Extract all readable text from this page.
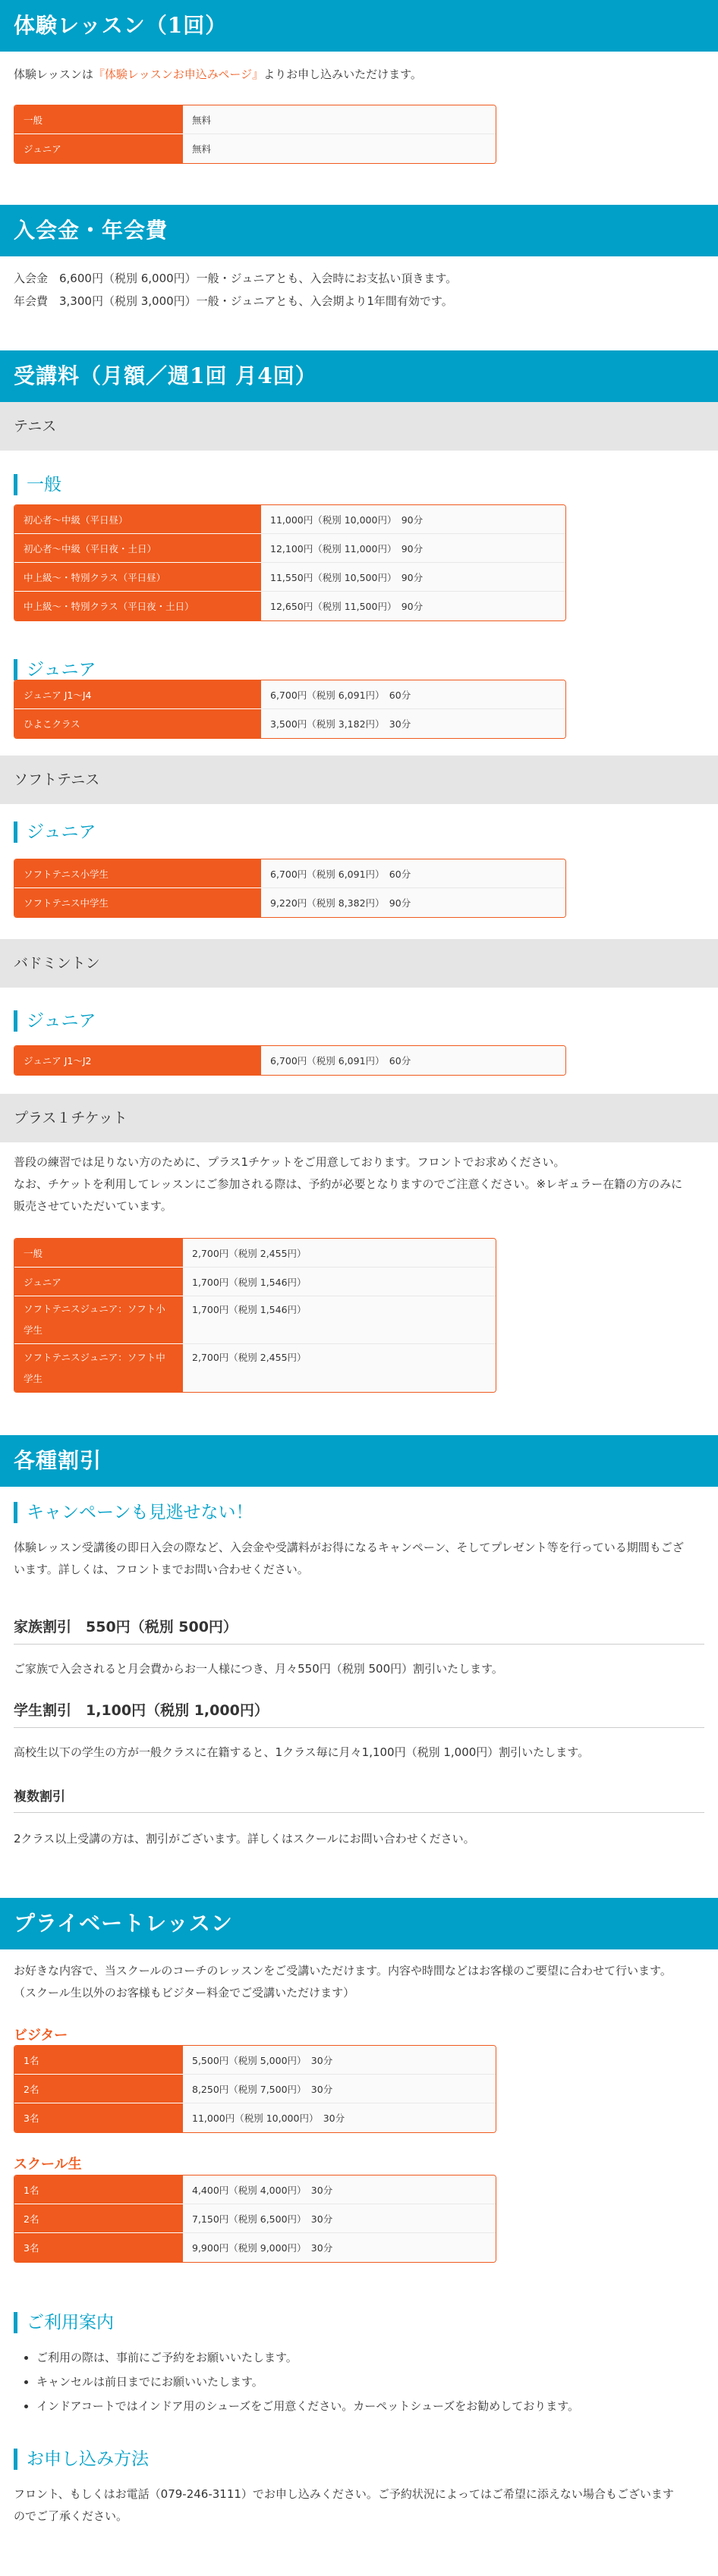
体験レッスン（1回）
体験レッスンは『体験レッスンお申込みページ』よりお申し込みいただけます。
一般	無料
ジュニア	無料
入会金・年会費
入会金　6,600円（税別 6,000円）一般・ジュニアとも、入会時にお支払い頂きます。
年会費　3,300円（税別 3,000円）一般・ジュニアとも、入会期より1年間有効です。
受講料（月額／週1回 月4回）
テニス
一般
初心者～中級（平日昼）	11,000円（税別 10,000円）　90分
初心者～中級（平日夜・土日）	12,100円（税別 11,000円）　90分
中上級～・特別クラス（平日昼）	11,550円（税別 10,500円）　90分
中上級～・特別クラス（平日夜・土日）	12,650円（税別 11,500円）　90分
ジュニア
ジュニア J1～J4	6,700円（税別 6,091円）　60分
ひよこクラス	3,500円（税別 3,182円）　30分
ソフトテニス
ジュニア
ソフトテニス小学生	6,700円（税別 6,091円）　60分
ソフトテニス中学生	9,220円（税別 8,382円）　90分
バドミントン
ジュニア
ジュニア J1～J2	6,700円（税別 6,091円）　60分
プラス１チケット
普段の練習では足りない方のために、プラス1チケットをご用意しております。フロントでお求めください。
なお、チケットを利用してレッスンにご参加される際は、予約が必要となりますのでご注意ください。※レギュラー在籍の方のみに販売させていただいています。
一般	2,700円（税別 2,455円）
ジュニア	1,700円（税別 1,546円）
ソフトテニスジュニア：ソフト小学生	1,700円（税別 1,546円）
ソフトテニスジュニア：ソフト中学生	2,700円（税別 2,455円）
各種割引
キャンペーンも見逃せない！
体験レッスン受講後の即日入会の際など、入会金や受講料がお得になるキャンペーン、そしてプレゼント等を行っている期間もございます。詳しくは、フロントまでお問い合わせください。
家族割引　550円（税別 500円）
ご家族で入会されると月会費からお一人様につき、月々550円（税別 500円）割引いたします。
学生割引　1,100円（税別 1,000円）
高校生以下の学生の方が一般クラスに在籍すると、1クラス毎に月々1,100円（税別 1,000円）割引いたします。
複数割引
2クラス以上受講の方は、割引がございます。詳しくはスクールにお問い合わせください。
プライベートレッスン
お好きな内容で、当スクールのコーチのレッスンをご受講いただけます。内容や時間などはお客様のご要望に合わせて行います。（スクール生以外のお客様もビジター料金でご受講いただけます）
ビジター
1名	5,500円（税別 5,000円）　30分
2名	8,250円（税別 7,500円）　30分
3名	11,000円（税別 10,000円）　30分
スクール生
1名	4,400円（税別 4,000円）　30分
2名	7,150円（税別 6,500円）　30分
3名	9,900円（税別 9,000円）　30分
ご利用案内
• ご利用の際は、事前にご予約をお願いいたします。
• キャンセルは前日までにお願いいたします。
• インドアコートではインドア用のシューズをご用意ください。カーペットシューズをお勧めしております。
お申し込み方法
フロント、もしくはお電話（079-246-3111）でお申し込みください。ご予約状況によってはご希望に添えない場合もございますのでご了承ください。
